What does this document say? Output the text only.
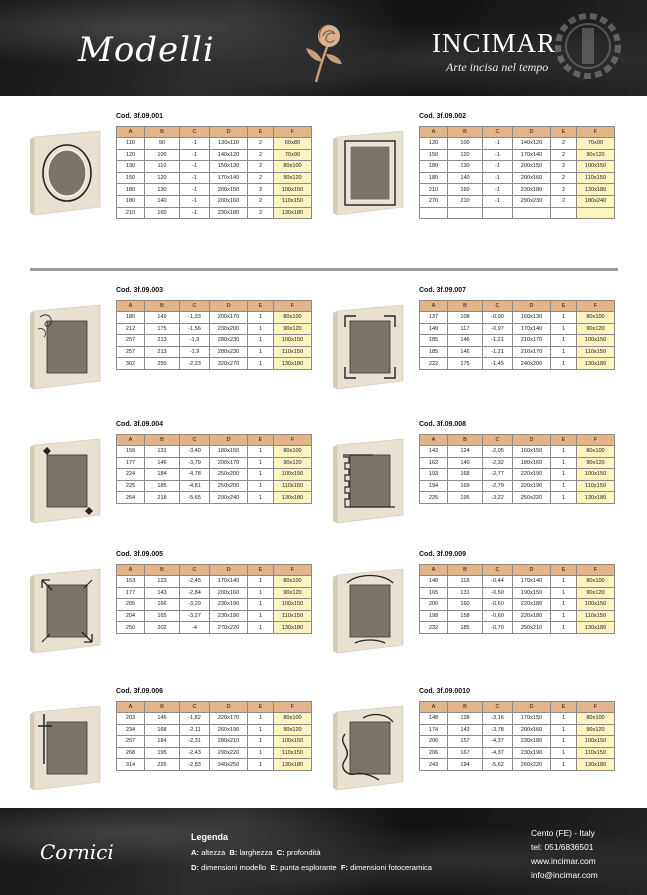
Modelli	INCIMAR
Arte incisa nel tempo
Cod. 3f.09.001
A	B	C	D	E	F
110	90	-1	130x110	2	60x80
120	100	-1	140x120	2	70x90
130	110	-1	150x130	2	80x100
150	120	-1	170x140	2	90x120
180	130	-1	200x150	2	100x150
180	140	-1	200x160	2	110x150
210	160	-1	230x180	2	130x180
Cod. 3f.09.002
A	B	C	D	E	F
120	100	-1	140x120	2	70x90
150	120	-1	170x140	2	90x120
180	130	-1	200x150	2	100x150
180	140	-1	200x160	2	110x150
210	160	-1	230x180	2	130x180
270	210	-1	290x230	2	180x240

Cod. 3f.09.003
A	B	C	D	E	F
180	149	-1,33	200x170	1	80x100
212	175	-1,56	230x200	1	90x120
257	213	-1,9	280x230	1	100x150
257	213	-1,9	280x230	1	110x150
302	250	-2,23	320x270	1	130x180
Cod. 3f.09.007
A	B	C	D	E	F
137	108	-0,90	160x130	1	80x100
149	117	-0,97	170x140	1	90x120
185	146	-1,21	210x170	1	100x150
185	146	-1,21	210x170	1	110x150
222	175	-1,45	240x200	1	130x180
Cod. 3f.09.004
A	B	C	D	E	F
159	131	-3,40	180x150	1	80x100
177	146	-3,79	200x170	1	90x120
224	184	-4,78	250x200	1	100x150
225	185	-4,81	250x200	1	110x150
264	218	-5,65	290x240	1	130x180
Cod. 3f.09.008
A	B	C	D	E	F
143	124	-2,05	160x150	1	80x100
162	140	-2,32	180x160	1	90x120
193	168	-2,77	220x190	1	100x150
194	169	-2,79	220x190	1	110x150
225	195	-3,22	250x220	1	130x180
Cod. 3f.09.005
A	B	C	D	E	F
153	123	-2,45	170x140	1	80x100
177	143	-2,84	200x160	1	90x120
205	166	-3,29	230x190	1	100x150
204	165	-3,27	230x190	1	110x150
250	202	-4	270x220	1	130x180
Cod. 3f.09.009
A	B	C	D	E	F
148	118	-0,44	170x140	1	80x100
165	131	-0,50	190x150	1	90x120
200	160	-0,60	220x180	1	100x150
198	158	-0,60	220x180	1	110x150
232	185	-0,70	250x210	1	130x180
Cod. 3f.09.006
A	B	C	D	E	F
203	146	-1,82	220x170	1	80x100
234	168	-2,11	260x190	1	90x120
257	184	-2,31	280x210	1	100x150
268	195	-2,43	290x220	1	110x150
314	226	-2,83	340x250	1	130x180
Cod. 3f.09.0010
A	B	C	D	E	F
148	128	-3,16	170x150	1	80x100
174	143	-3,78	200x160	1	90x120
206	157	-4,37	230x180	1	100x150
206	167	-4,37	230x190	1	110x150
243	194	-5,62	260x220	1	130x180
Cornici
Legenda
A: altezza  B: larghezza  C: profondità
D: dimensioni modello  E: punta esplorante  F: dimensioni fotoceramica
Cento (FE) - Italy
tel: 051/6836501
www.incimar.com
info@incimar.com
